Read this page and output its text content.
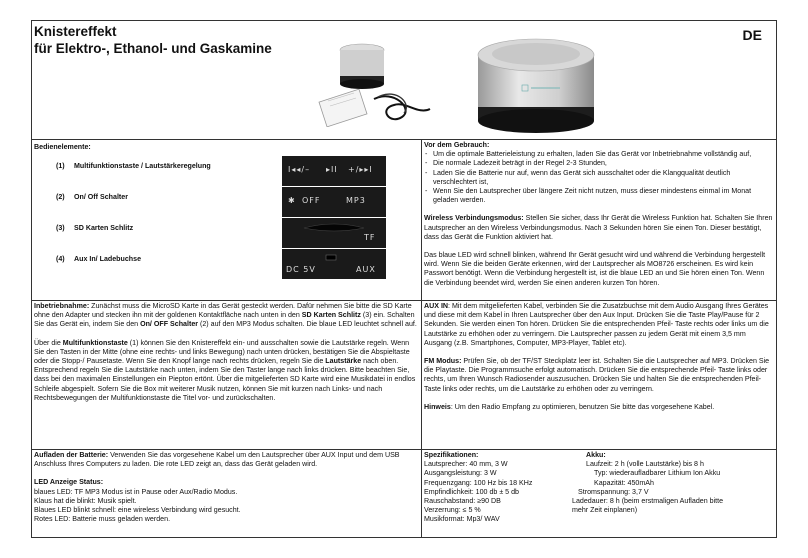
Knistereffekt
für Elektro-, Ethanol- und Gaskamine
DE
Bedienelemente:
(1) Multifunktionstaste / Lautstärkeregelung	I◂◂/– ▸II +/▸▸I
(2) On/ Off Schalter	✱ OFF	MP3
(3) SD Karten Schlitz
TF
(4) Aux In/ Ladebuchse
DC 5V	AUX
Vor dem Gebrauch:
- Um die optimale Batterieleistung zu erhalten, laden Sie das Gerät vor Inbetriebnahme vollständig auf,
- Die normale Ladezeit beträgt in der Regel 2-3 Stunden,
- Laden Sie die Batterie nur auf, wenn das Gerät sich ausschaltet oder die Klangqualität deutlich verschlechtert ist,
- Wenn Sie den Lautsprecher über längere Zeit nicht nutzen, muss dieser mindestens einmal im Monat geladen werden.

Wireless Verbindungsmodus: Stellen Sie sicher, dass Ihr Gerät die Wireless Funktion hat. Schalten Sie Ihren Lautsprecher an den Wireless Verbindungsmodus. Nach 3 Sekunden hören Sie einen Ton. Dieser bestätigt, dass das Gerät die Funktion aktiviert hat.

Das blaue LED wird schnell blinken, während Ihr Gerät gesucht wird und während die Verbindung hergestellt wird. Wenn Sie die beiden Geräte erkennen, wird der Lautsprecher als MO8726 erscheinen. Es wird kein Passwort benötigt. Wenn die Verbindung hergestellt ist, ist die blaue LED an und Sie hören einen Ton. Wenn die Verbindung beendet wird, werden Sie einen anderen kurzen Ton hören.

Inbetriebnahme: Zunächst muss die MicroSD Karte in das Gerät gesteckt werden. Dafür nehmen Sie bitte die SD Karte ohne den Adapter und stecken ihn mit der goldenen Kontaktfläche nach unten in den SD Karten Schlitz (3) ein. Schalten Sie das Gerät ein, indem Sie den On/ OFF Schalter (2) auf den MP3 Modus schalten. Die blaue LED leuchtet schnell auf.

Über die Multifunktionstaste (1) können Sie den Knistereffekt ein- und ausschalten sowie die Lautstärke regeln. Wenn Sie den Tasten in der Mitte (ohne eine rechts- und links Bewegung) nach unten drücken, bestätigen Sie die Abspieltaste oder die Stopp-/ Pausetaste. Wenn Sie den Knopf lange nach rechts drücken, regeln Sie die Lautstärke nach oben. Entsprechend regeln Sie die Lautstärke nach unten, indem Sie den Taster lange nach links drücken. Bitte beachten Sie, dass bei den maximalen Einstellungen ein Piepton ertönt. Über die mitgelieferten SD Karte wird eine Musikdatei in endlos Schleife abgespielt. Sofern Sie die Box mit weiterer Musik nutzen, können Sie mit kurzen nach Links- und nach Rechtsbewegungen der Multifunktionstaste die Titel vor- und zurückschalten.

AUX IN: Mit dem mitgelieferten Kabel, verbinden Sie die Zusatzbuchse mit dem Audio Ausgang Ihres Gerätes und diese mit dem Kabel in Ihren Lautsprecher über den Aux Input. Drücken Sie die Taste Play/Pause für 2 Sekunden. Sie werden einen Ton hören. Drücken Sie die entsprechenden Pfeil- Taste rechts oder links um die Lautstärke zu erhöhen oder zu verringern. Die Lautsprecher passen zu jedem Gerät mit einem 3,5 mm Ausgang (z.B. Smartphones, Computer, MP3-Player, Tablet etc).

FM Modus: Prüfen Sie, ob der TF/ST Steckplatz leer ist. Schalten Sie die Lautsprecher auf MP3. Drücken Sie die Playtaste. Die Programmsuche erfolgt automatisch. Drücken Sie die entsprechende Pfeil- Taste links oder rechts, um Ihren Wunsch Radiosender auszusuchen. Drücken Sie und halten Sie die entsprechenden Pfeil- Taste links oder rechts, um die Lautstärke zu erhöhen oder zu verringern.

Hinweis: Um den Radio Empfang zu optimieren, benutzen Sie bitte das vorgesehene Kabel.

Aufladen der Batterie: Verwenden Sie das vorgesehene Kabel um den Lautsprecher über AUX Input und dem USB Anschluss Ihres Computers zu laden. Die rote LED zeigt an, dass das Gerät geladen wird.

LED Anzeige Status:
blaues LED: TF MP3 Modus ist in Pause oder Aux/Radio Modus.
Klaus hat die blinkt: Musik spielt.
Blaues LED blinkt schnell: eine wireless Verbindung wird gesucht.
Rotes LED: Batterie muss geladen werden.
Spezifikationen:
Lautsprecher: 40 mm, 3 W
Ausgangsleistung: 3 W
Frequenzgang: 100 Hz bis 18 KHz
Empfindlichkeit: 100 db ± 5 db
Rauschabstand: ≥90 DB
Verzerrung: ≤ 5 %
Musikformat: Mp3/ WAV
Akku:
Laufzeit: 2 h (volle Lautstärke) bis 8 h
Typ: wiederaufladbarer Lithium Ion Akku
Kapazität: 450mAh
Stromspannung: 3,7 V
Ladedauer: 8 h (beim erstmaligen Aufladen bitte
mehr Zeit einplanen)
